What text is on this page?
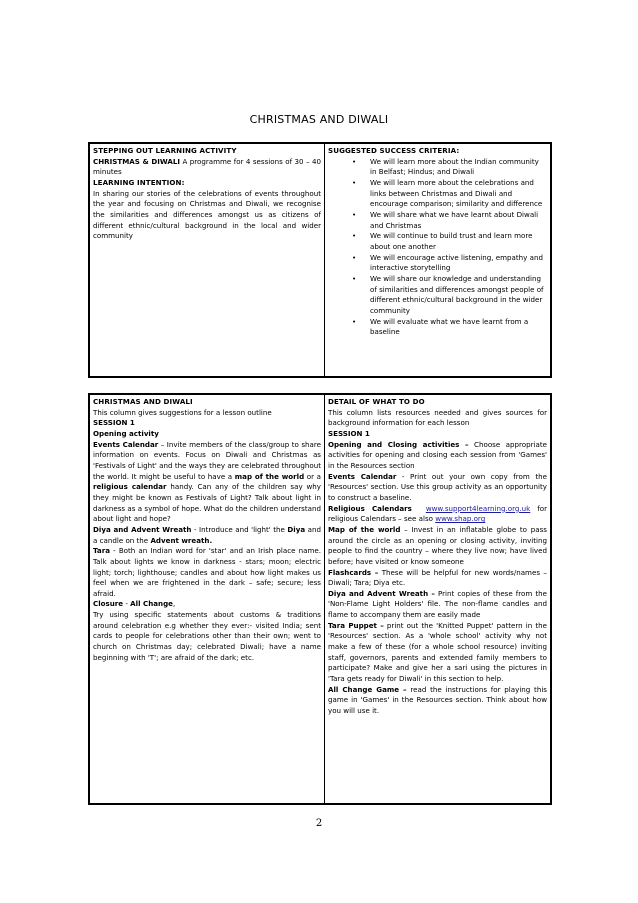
CHRISTMAS AND DIWALI

STEPPING OUT LEARNING ACTIVITY

CHRISTMAS & DIWALI A programme for 4 sessions of 30 – 40 minutes

LEARNING INTENTION:

In sharing our stories of the celebrations of events throughout the year and focusing on Christmas and Diwali, we recognise the similarities and differences amongst us as citizens of different ethnic/cultural background in the local and wider community

SUGGESTED SUCCESS CRITERIA:

• We will learn more about the Indian community in Belfast; Hindus; and Diwali
• We will learn more about the celebrations and links between Christmas and Diwali and encourage comparison; similarity and difference
• We will share what we have learnt about Diwali and Christmas
• We will continue to build trust and learn more about one another
• We will encourage active listening, empathy and interactive storytelling
• We will share our knowledge and understanding of similarities and differences amongst people of different ethnic/cultural background in the wider community
• We will evaluate what we have learnt from a baseline

CHRISTMAS AND DIWALI

This column gives suggestions for a lesson outline

SESSION 1

Opening activity

Events Calendar – Invite members of the class/group to share information on events. Focus on Diwali and Christmas as 'Festivals of Light' and the ways they are celebrated throughout the world. It might be useful to have a map of the world or a religious calendar handy. Can any of the children say why they might be known as Festivals of Light? Talk about light in darkness as a symbol of hope. What do the children understand about light and hope?

Diya and Advent Wreath - Introduce and 'light' the Diya and a candle on the Advent wreath.

Tara - Both an Indian word for 'star' and an Irish place name. Talk about lights we know in darkness - stars; moon; electric light; torch; lighthouse; candles and about how light makes us feel when we are frightened in the dark – safe; secure; less afraid.

Closure - All Change,

Try using specific statements about customs & traditions around celebration e.g whether they ever:- visited India; sent cards to people for celebrations other than their own; went to church on Christmas day; celebrated Diwali; have a name beginning with 'T'; are afraid of the dark; etc.

DETAIL OF WHAT TO DO

This column lists resources needed and gives sources for background information for each lesson

SESSION 1

Opening and Closing activities – Choose appropriate activities for opening and closing each session from 'Games' in the Resources section

Events Calendar - Print out your own copy from the 'Resources' section. Use this group activity as an opportunity to construct a baseline.

Religious Calendars www.support4learning.org.uk for religious Calendars – see also www.shap.org

Map of the world – Invest in an inflatable globe to pass around the circle as an opening or closing activity, inviting people to find the country – where they live now; have lived before; have visited or know someone

Flashcards – These will be helpful for new words/names – Diwali; Tara; Diya etc.

Diya and Advent Wreath – Print copies of these from the 'Non-Flame Light Holders' file. The non-flame candles and flame to accompany them are easily made

Tara Puppet – print out the 'Knitted Puppet' pattern in the 'Resources' section. As a 'whole school' activity why not make a few of these (for a whole school resource) inviting staff, governors, parents and extended family members to participate? Make and give her a sari using the pictures in 'Tara gets ready for Diwali' in this section to help.

All Change Game – read the instructions for playing this game in 'Games' in the Resources section. Think about how you will use it.

2
